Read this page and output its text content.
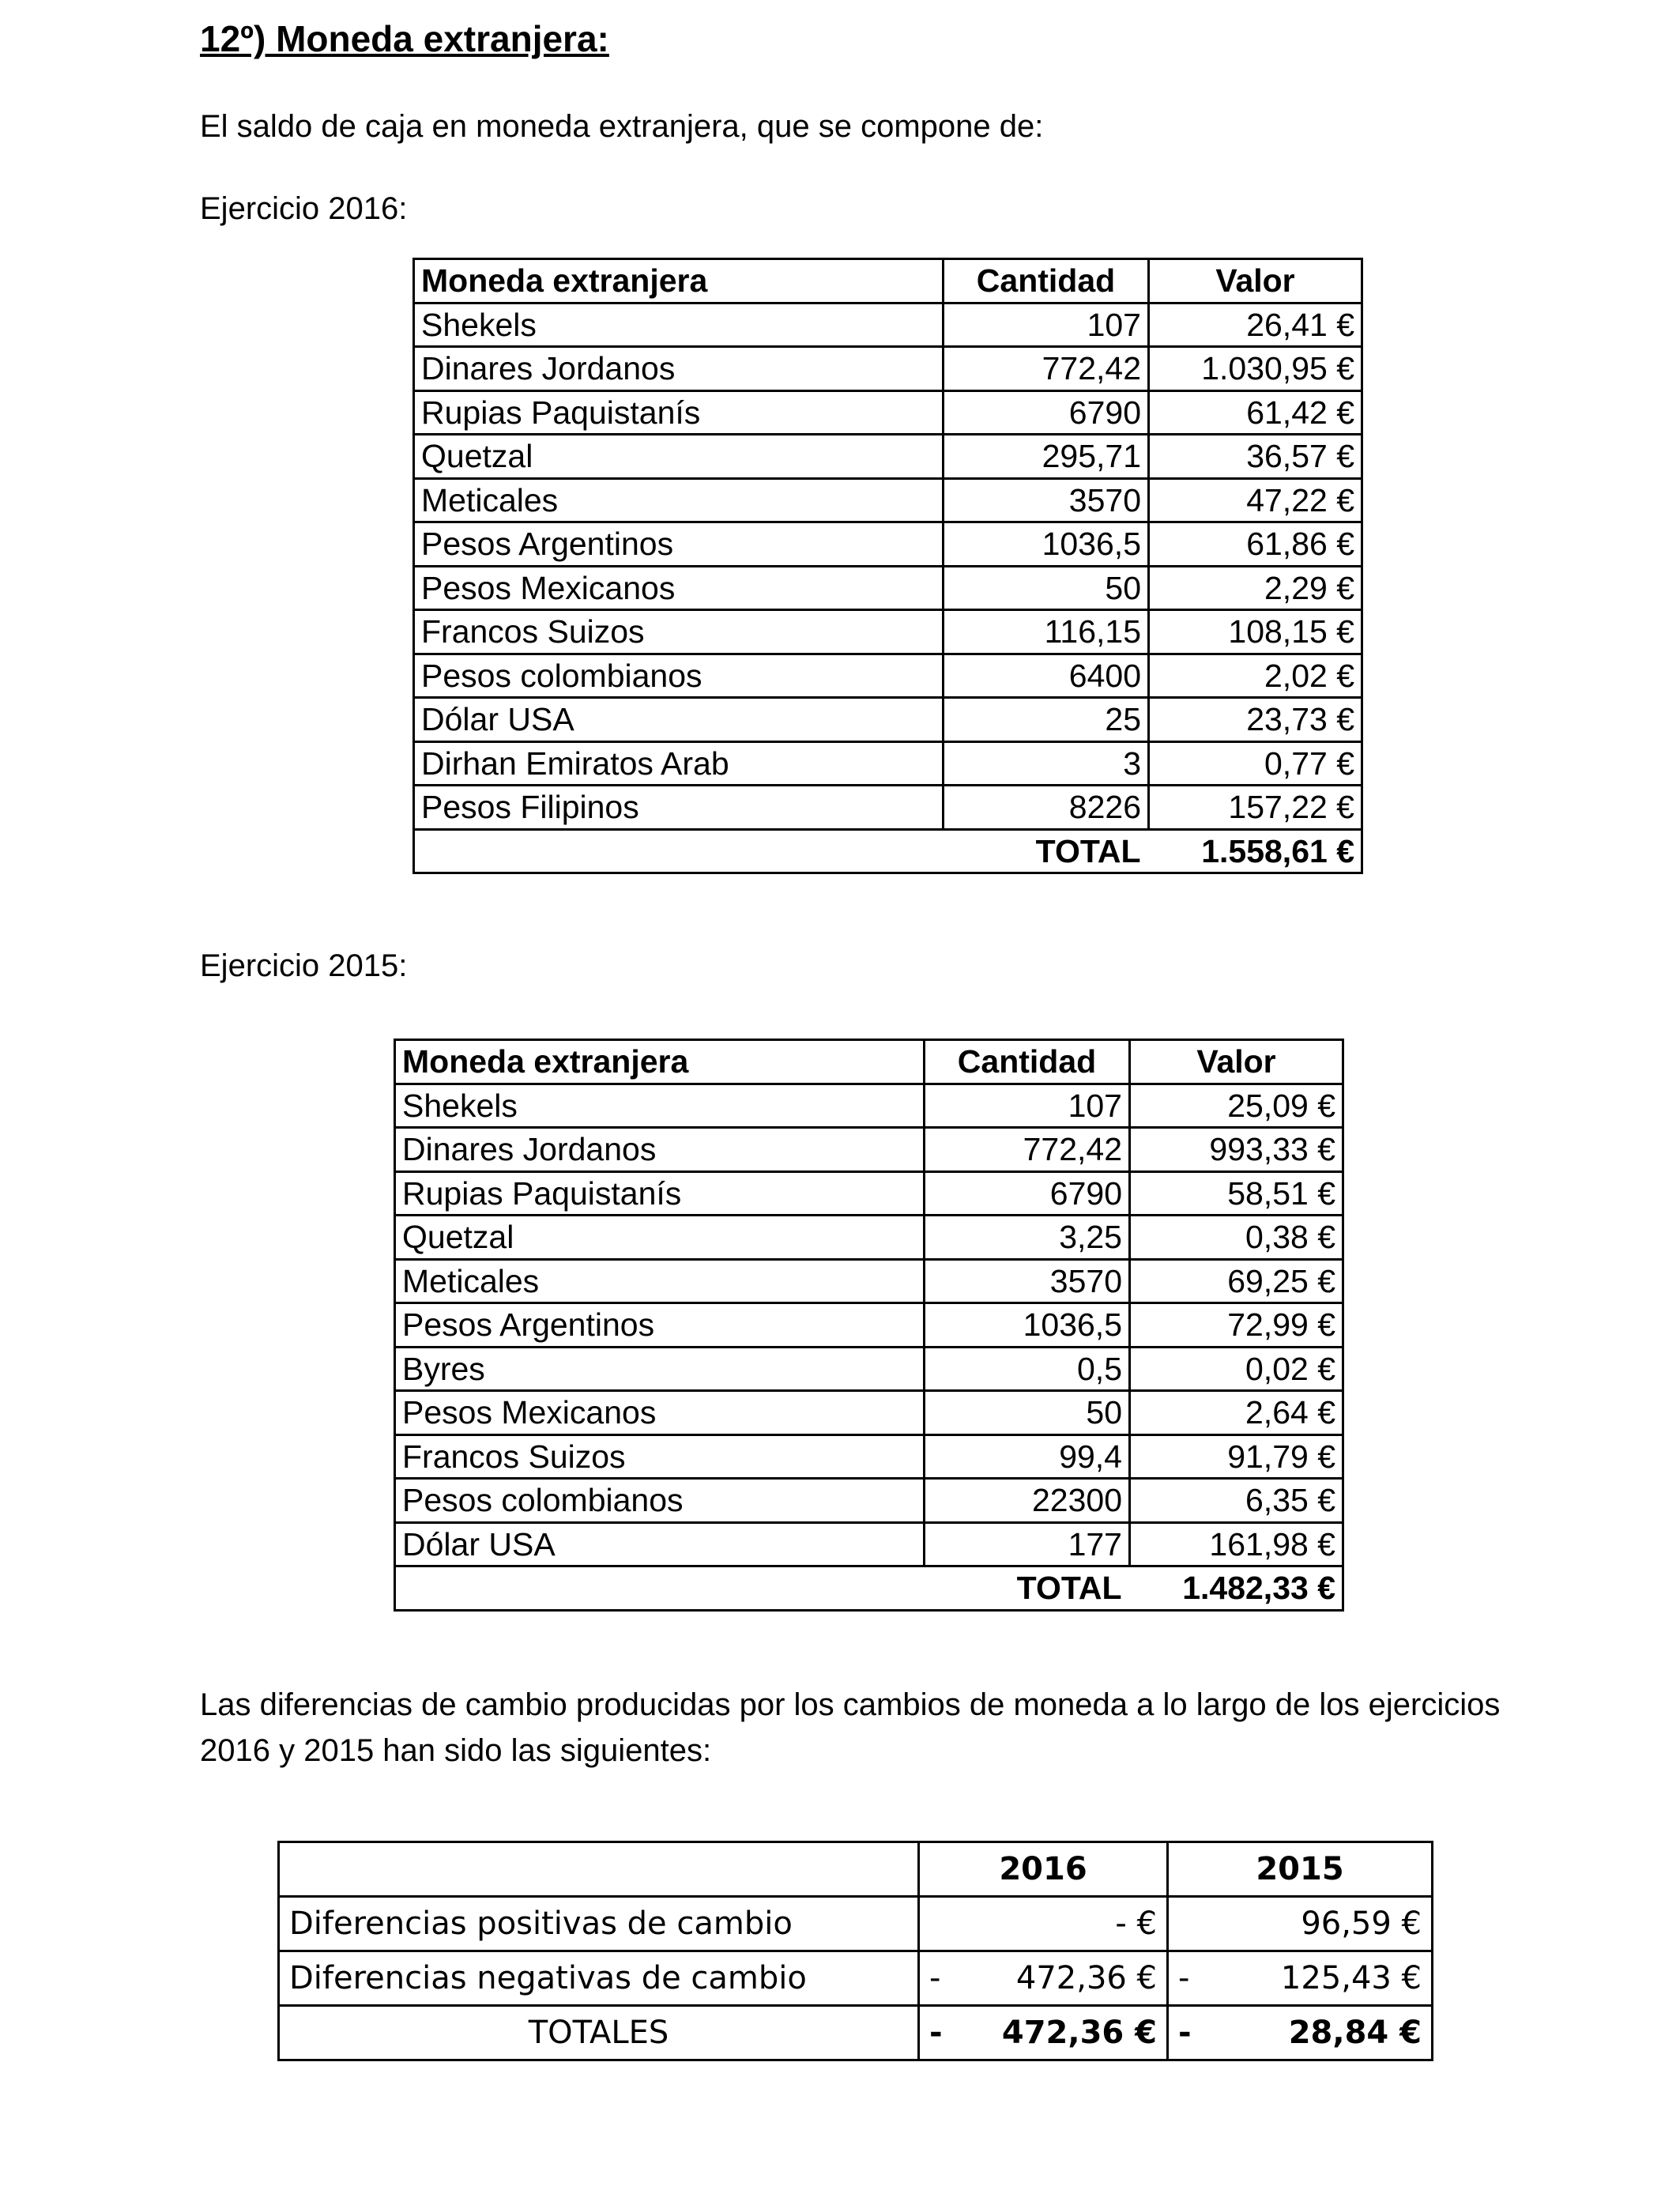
12º) Moneda extranjera:
El saldo de caja en moneda extranjera, que se compone de:
Ejercicio 2016:
Moneda extranjera	Cantidad	Valor
Shekels	107	26,41 €
Dinares Jordanos	772,42	1.030,95 €
Rupias Paquistanís	6790	61,42 €
Quetzal	295,71	36,57 €
Meticales	3570	47,22 €
Pesos Argentinos	1036,5	61,86 €
Pesos Mexicanos	50	2,29 €
Francos Suizos	116,15	108,15 €
Pesos colombianos	6400	2,02 €
Dólar USA	25	23,73 €
Dirhan Emiratos Arab	3	0,77 €
Pesos Filipinos	8226	157,22 €
TOTAL		1.558,61 €
Ejercicio 2015:
Moneda extranjera	Cantidad	Valor
Shekels	107	25,09 €
Dinares Jordanos	772,42	993,33 €
Rupias Paquistanís	6790	58,51 €
Quetzal	3,25	0,38 €
Meticales	3570	69,25 €
Pesos Argentinos	1036,5	72,99 €
Byres	0,5	0,02 €
Pesos Mexicanos	50	2,64 €
Francos Suizos	99,4	91,79 €
Pesos colombianos	22300	6,35 €
Dólar USA	177	161,98 €
TOTAL		1.482,33 €
Las diferencias de cambio producidas por los cambios de moneda a lo largo de los ejercicios 2016 y 2015 han sido las siguientes:
	2016	2015
Diferencias positivas de cambio	- €	96,59 €
Diferencias negativas de cambio	- 472,36 €	- 125,43 €
TOTALES	- 472,36 €	- 28,84 €
